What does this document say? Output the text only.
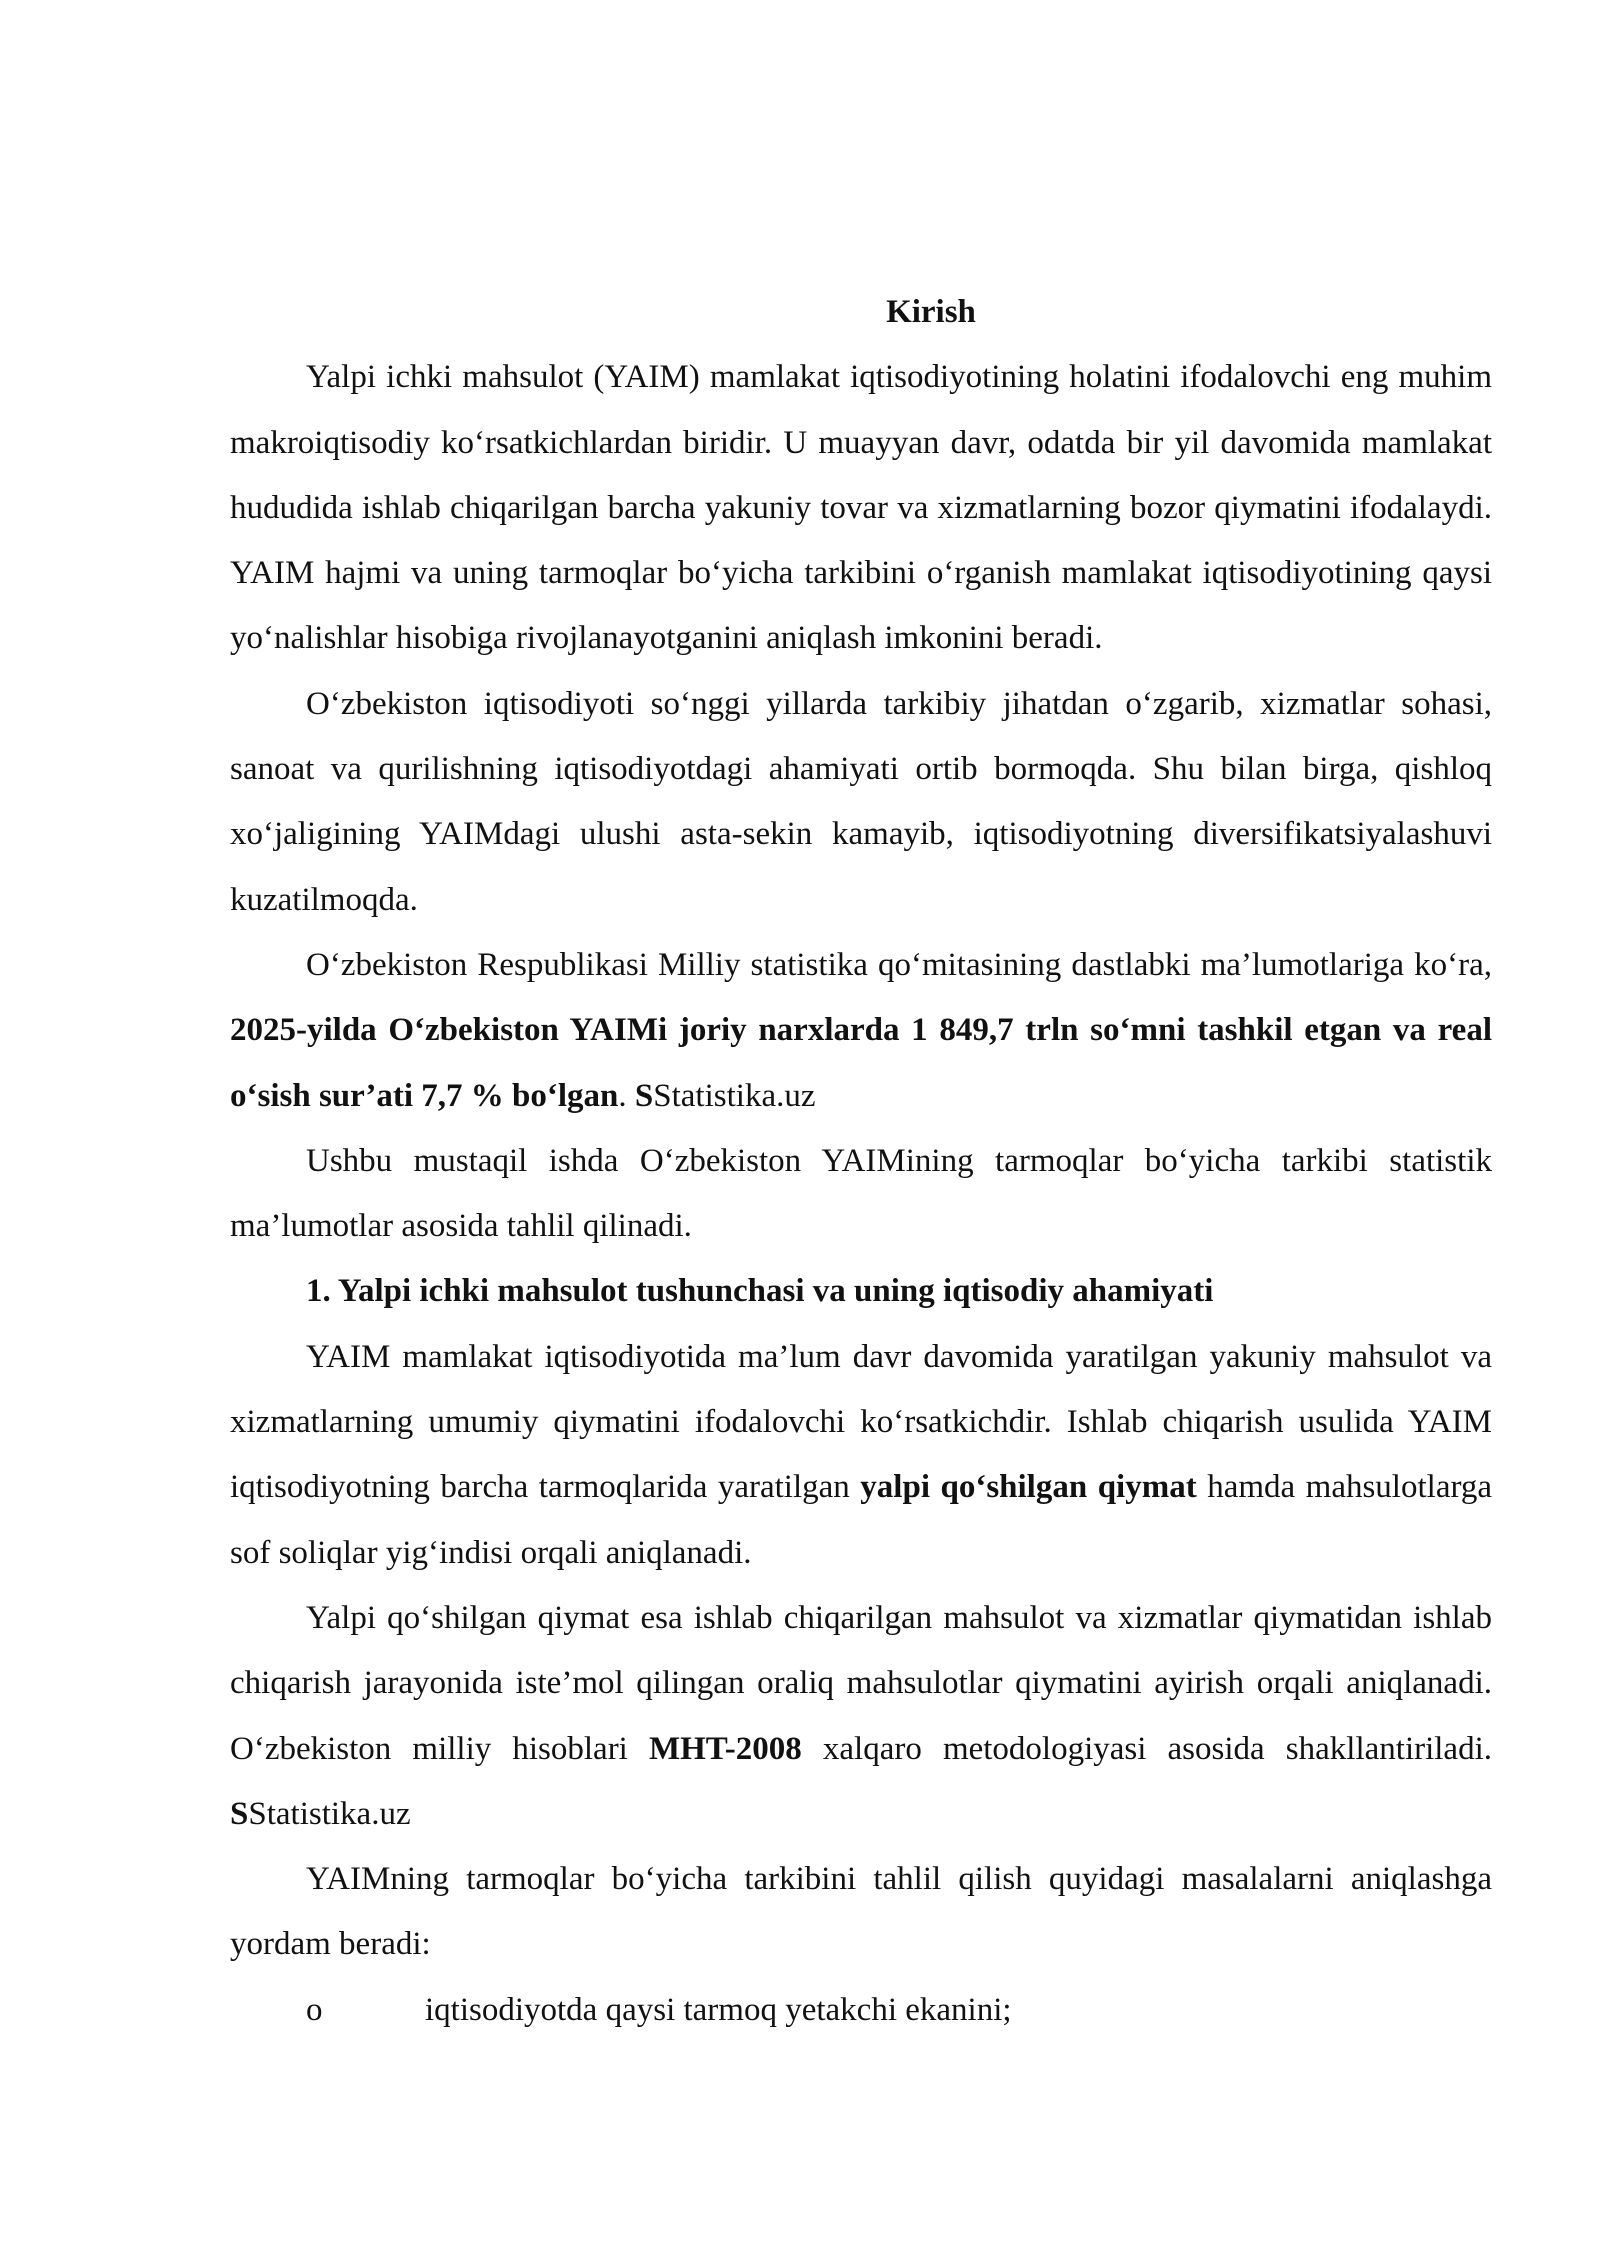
Kirish

Yalpi ichki mahsulot (YAIM) mamlakat iqtisodiyotining holatini ifodalovchi eng muhim makroiqtisodiy ko‘rsatkichlardan biridir. U muayyan davr, odatda bir yil davomida mamlakat hududida ishlab chiqarilgan barcha yakuniy tovar va xizmatlarning bozor qiymatini ifodalaydi. YAIM hajmi va uning tarmoqlar bo‘yicha tarkibini o‘rganish mamlakat iqtisodiyotining qaysi yo‘nalishlar hisobiga rivojlanayotganini aniqlash imkonini beradi.

O‘zbekiston iqtisodiyoti so‘nggi yillarda tarkibiy jihatdan o‘zgarib, xizmatlar sohasi, sanoat va qurilishning iqtisodiyotdagi ahamiyati ortib bormoqda. Shu bilan birga, qishloq xo‘jaligining YAIMdagi ulushi asta-sekin kamayib, iqtisodiyotning diversifikatsiyalashuvi kuzatilmoqda.

O‘zbekiston Respublikasi Milliy statistika qo‘mitasining dastlabki ma’lumotlariga ko‘ra, 2025-yilda O‘zbekiston YAIMi joriy narxlarda 1 849,7 trln so‘mni tashkil etgan va real o‘sish sur’ati 7,7 % bo‘lgan. SStatistika.uz

Ushbu mustaqil ishda O‘zbekiston YAIMining tarmoqlar bo‘yicha tarkibi statistik ma’lumotlar asosida tahlil qilinadi.

1. Yalpi ichki mahsulot tushunchasi va uning iqtisodiy ahamiyati

YAIM mamlakat iqtisodiyotida ma’lum davr davomida yaratilgan yakuniy mahsulot va xizmatlarning umumiy qiymatini ifodalovchi ko‘rsatkichdir. Ishlab chiqarish usulida YAIM iqtisodiyotning barcha tarmoqlarida yaratilgan yalpi qo‘shilgan qiymat hamda mahsulotlarga sof soliqlar yig‘indisi orqali aniqlanadi.

Yalpi qo‘shilgan qiymat esa ishlab chiqarilgan mahsulot va xizmatlar qiymatidan ishlab chiqarish jarayonida iste’mol qilingan oraliq mahsulotlar qiymatini ayirish orqali aniqlanadi. O‘zbekiston milliy hisoblari MHT-2008 xalqaro metodologiyasi asosida shakllantiriladi. SStatistika.uz

YAIMning tarmoqlar bo‘yicha tarkibini tahlil qilish quyidagi masalalarni aniqlashga yordam beradi:

o	iqtisodiyotda qaysi tarmoq yetakchi ekanini;
